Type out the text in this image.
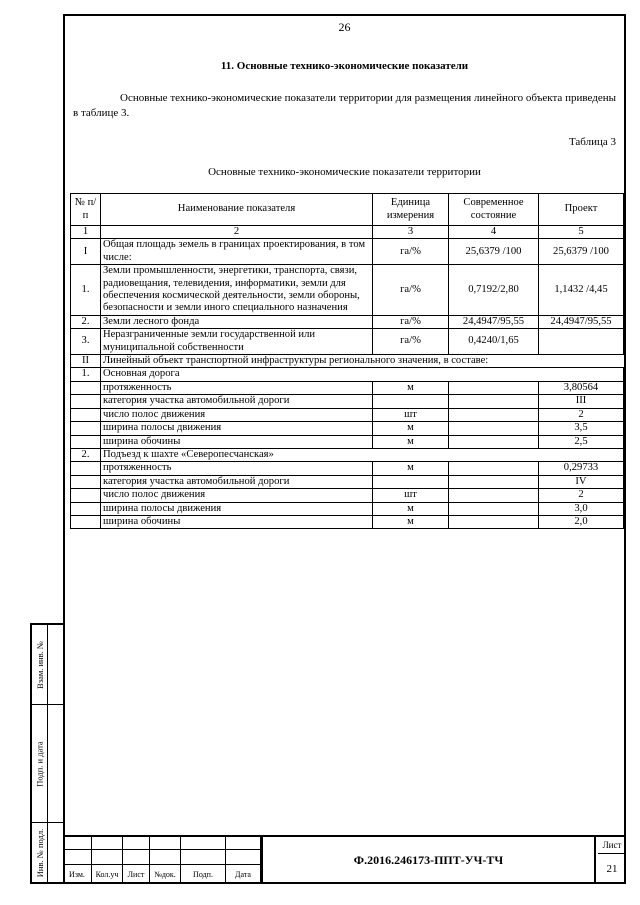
26
11. Основные технико-экономические показатели
Основные технико-экономические показатели территории для размещения линейного объекта приведены в таблице 3.
Таблица 3
Основные технико-экономические показатели территории
№ п/п	Наименование показателя	Единица измерения	Современное состояние	Проект
1	2	3	4	5
I	Общая площадь земель в границах проектирования, в том числе:	га/%	25,6379 /100	25,6379 /100
1.	Земли промышленности, энергетики, транспорта, связи, радиовещания, телевидения, информатики, земли для обеспечения космической деятельности, земли обороны, безопасности и земли иного специального назначения	га/%	0,7192/2,80	1,1432 /4,45
2.	Земли лесного фонда	га/%	24,4947/95,55	24,4947/95,55
3.	Неразграниченные земли государственной или муниципальной собственности	га/%	0,4240/1,65	
II	Линейный объект транспортной инфраструктуры регионального значения, в составе:			

1.	Основная дорога			
	протяженность	м		3,80564
	категория участка автомобильной дороги			III
	число полос движения	шт		2
	ширина полосы движения	м		3,5
	ширина обочины	м		2,5
2.	Подъезд к шахте «Северопесчанская»			
	протяженность	м		0,29733
	категория участка автомобильной дороги			IV
	число полос движения	шт		2
	ширина полосы движения	м		3,0
	ширина обочины	м		2,0
Взам. инв. №
Подп. и дата
Инв. № подл.	Изм.	Кол.уч	Лист	№док.	Подп.	Дата
Ф.2016.246173-ППТ-УЧ-ТЧ
Лист
21
